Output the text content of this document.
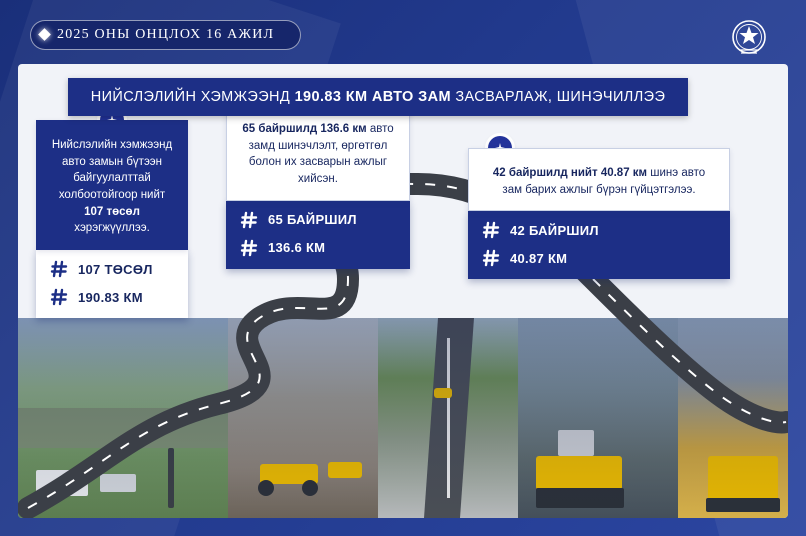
2025 ОНЫ ОНЦЛОХ 16 АЖИЛ
Нийслэлийн хэмжээнд авто замын бүтээн байгуулалттай холбоотойгоор нийт 107 төсөл хэрэгжүүллээ.
107 ТӨСӨЛ
190.83 КМ
65 байршилд 136.6 км авто замд шинэчлэлт, өргөтгөл болон их засварын ажлыг хийсэн.
65 БАЙРШИЛ
136.6 КМ
42 байршилд нийт 40.87 км шинэ авто зам барих ажлыг бүрэн гүйцэтгэлээ.
42 БАЙРШИЛ
40.87 КМ
НИЙСЛЭЛИЙН ХЭМЖЭЭНД 190.83 КМ АВТО ЗАМ ЗАСВАРЛАЖ, ШИНЭЧИЛЛЭЭ
